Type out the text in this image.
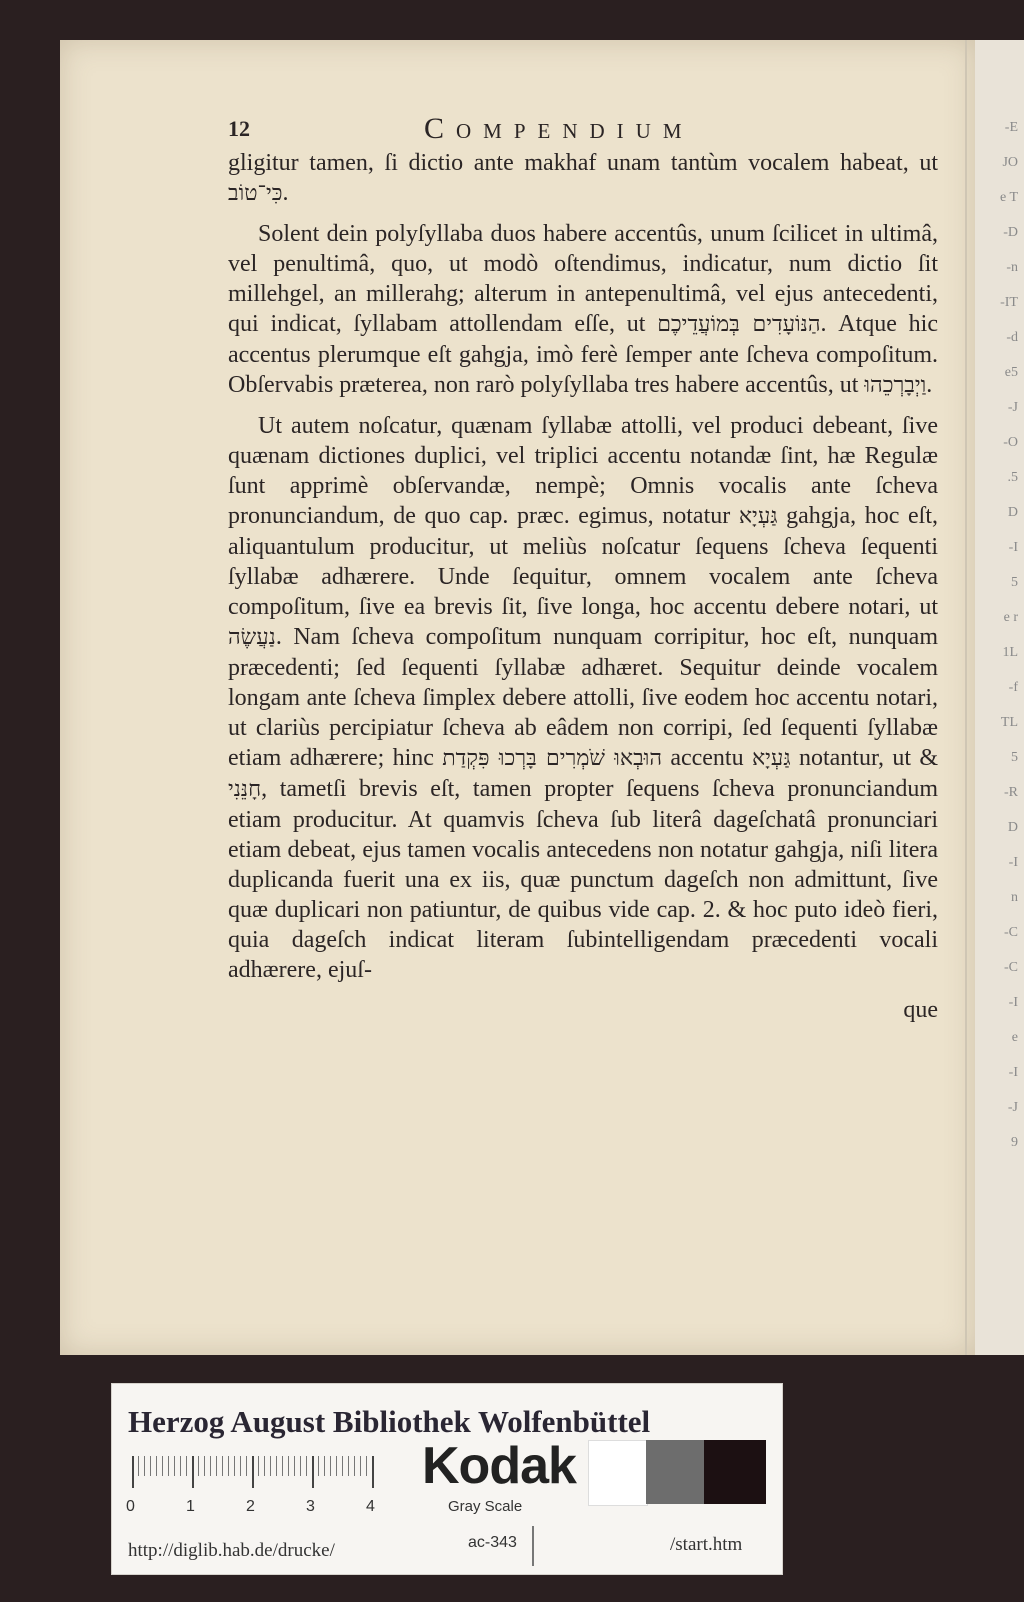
-E
JO
e T
-D
-n
-IT
-d
e5
-J
-O
.5
D
-I
5
e r
1L
-f
TL
5
-R
D
-I
n
-C
-C
-I
e
-I
-J
9
12	Compendium

gligitur tamen, ſi dictio ante makhaf unam tantùm vocalem habeat, ut כִּי־טוֹב.

Solent dein polyſyllaba duos habere accentûs, unum ſcilicet in ultimâ, vel penultimâ, quo, ut modò oſtendimus, indicatur, num dictio ſit millehgel, an millerahg; alterum in antepenultimâ, vel ejus antecedenti, qui indicat, ſyllabam attollendam eſſe, ut הַנּוֹעָדִים בְּמוֹעֲדֵיכֶם. Atque hic accentus plerumque eſt gahgja, imò ferè ſemper ante ſcheva compoſitum. Obſervabis præterea, non rarò polyſyllaba tres habere accentûs, ut וַיְבָרְכֵהוּ.

Ut autem noſcatur, quænam ſyllabæ attolli, vel produci debeant, ſive quænam dictiones duplici, vel triplici accentu notandæ ſint, hæ Regulæ ſunt apprimè obſervandæ, nempè; Omnis vocalis ante ſcheva pronunciandum, de quo cap. præc. egimus, notatur גַּעְיָא gahgja, hoc eſt, aliquantulum producitur, ut meliùs noſcatur ſequens ſcheva ſequenti ſyllabæ adhærere. Unde ſequitur, omnem vocalem ante ſcheva compoſitum, ſive ea brevis ſit, ſive longa, hoc accentu debere notari, ut נַעֲשֶׂה. Nam ſcheva compoſitum nunquam corripitur, hoc eſt, nunquam præcedenti; ſed ſequenti ſyllabæ adhæret. Sequitur deinde vocalem longam ante ſcheva ſimplex debere attolli, ſive eodem hoc accentu notari, ut clariùs percipiatur ſcheva ab eâdem non corripi, ſed ſequenti ſyllabæ etiam adhærere; hinc הוּבְאוּ שֹׁמְרִים בָּרְכוּ פִּקְדַת accentu גַּעְיָא notantur, ut & חָנֵּנִי, tametſi brevis eſt, tamen propter ſequens ſcheva pronunciandum etiam producitur. At quamvis ſcheva ſub literâ dageſchatâ pronunciari etiam debeat, ejus tamen vocalis antecedens non notatur gahgja, niſi litera duplicanda fuerit una ex iis, quæ punctum dageſch non admittunt, ſive quæ duplicari non patiuntur, de quibus vide cap. 2. & hoc puto ideò fieri, quia dageſch indicat literam ſubintelligendam præcedenti vocali adhærere, ejuſ-

que

Herzog August Bibliothek Wolfenbüttel
0	1	2	3	4
Kodak
Gray Scale
http://diglib.hab.de/drucke/	ac-343	/start.htm
